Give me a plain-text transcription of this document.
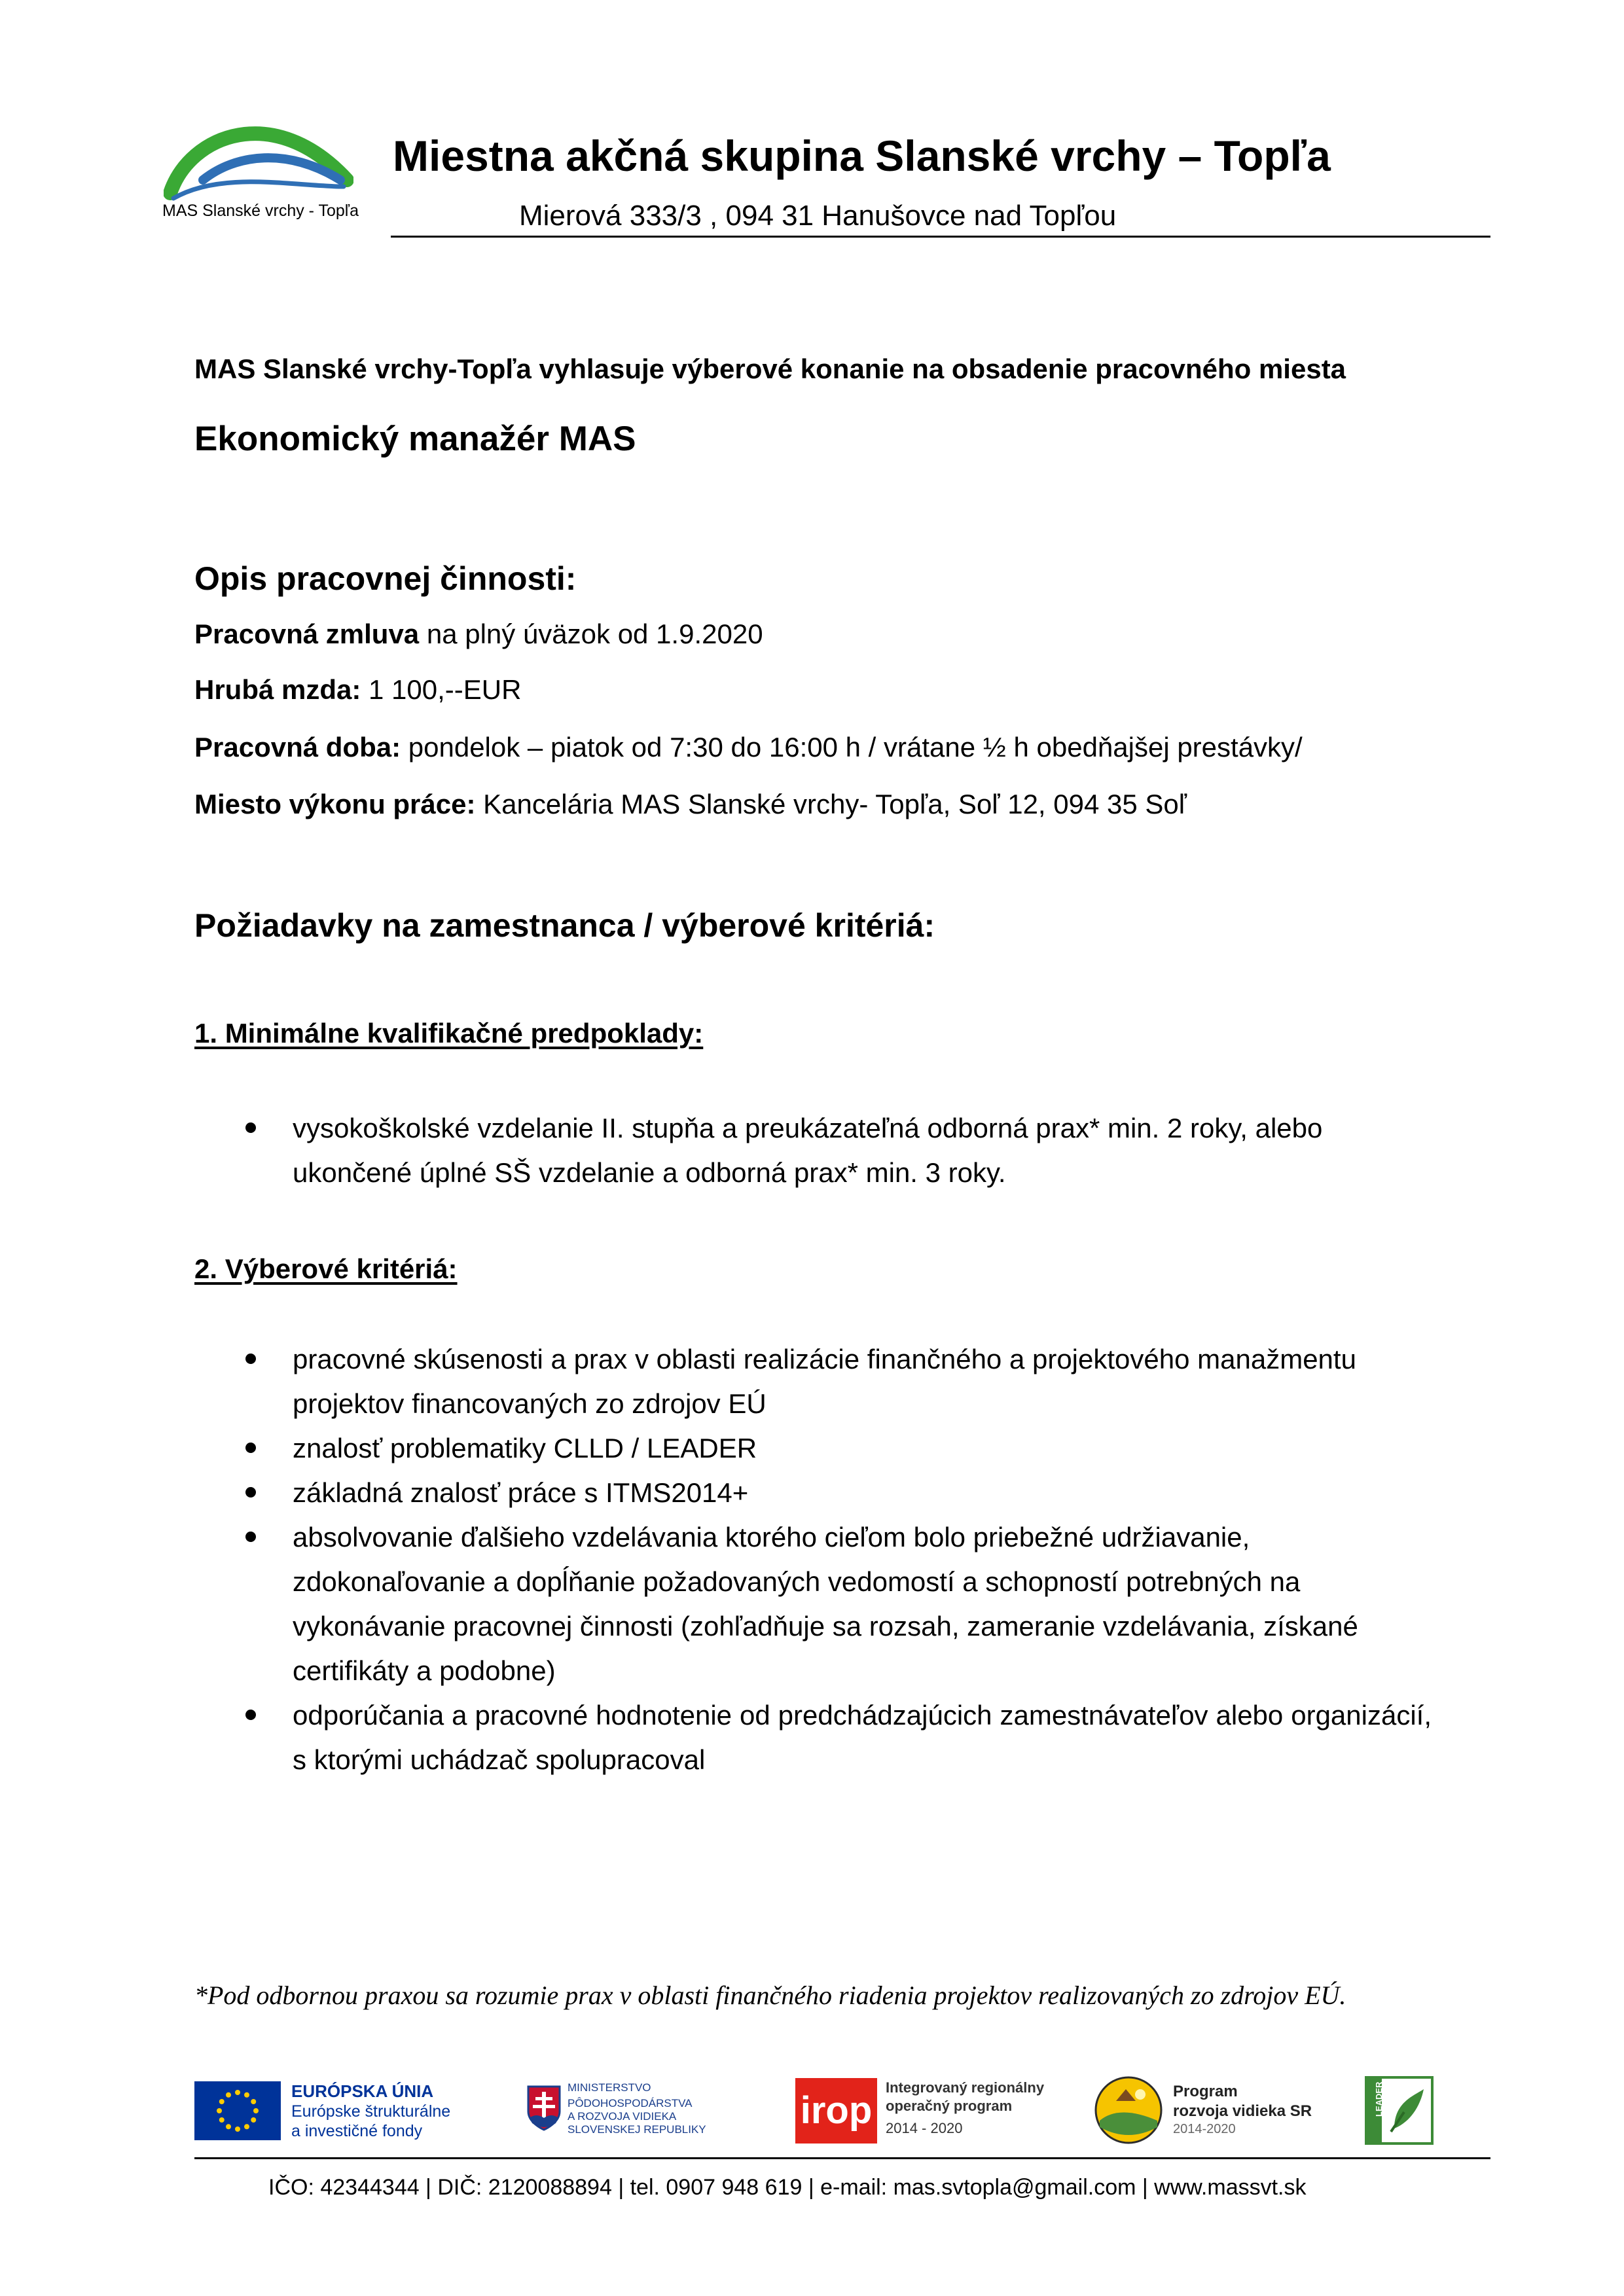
MAS Slanské vrchy - Topľa
Miestna akčná skupina Slanské vrchy – Topľa
Mierová 333/3 , 094 31 Hanušovce nad Topľou
MAS Slanské vrchy-Topľa vyhlasuje výberové konanie na obsadenie pracovného miesta
Ekonomický manažér MAS
Opis pracovnej činnosti:
Pracovná zmluva na plný úväzok od 1.9.2020
Hrubá mzda: 1 100,--EUR
Pracovná doba: pondelok – piatok od 7:30 do 16:00 h / vrátane ½ h obedňajšej prestávky/
Miesto výkonu práce: Kancelária MAS Slanské vrchy- Topľa, Soľ 12, 094 35 Soľ
Požiadavky na zamestnanca / výberové kritériá:
1. Minimálne kvalifikačné predpoklady:
vysokoškolské vzdelanie II. stupňa a preukázateľná odborná prax* min. 2 roky, alebo ukončené úplné SŠ vzdelanie a odborná prax* min. 3 roky.
2. Výberové kritériá:
pracovné skúsenosti a prax v oblasti realizácie finančného a projektového manažmentu projektov financovaných zo zdrojov EÚ
znalosť problematiky CLLD / LEADER
základná znalosť práce s ITMS2014+
absolvovanie ďalšieho vzdelávania ktorého cieľom bolo priebežné udržiavanie, zdokonaľovanie a dopĺňanie požadovaných vedomostí a schopností potrebných na vykonávanie pracovnej činnosti (zohľadňuje sa rozsah, zameranie vzdelávania, získané certifikáty a podobne)
odporúčania a pracovné hodnotenie od predchádzajúcich zamestnávateľov alebo organizácií, s ktorými uchádzač spolupracoval
*Pod odbornou praxou sa rozumie prax v oblasti finančného riadenia projektov realizovaných zo zdrojov EÚ.
EURÓPSKA ÚNIA
Európske štrukturálne
a investičné fondy
MINISTERSTVO
PÔDOHOSPODÁRSTVA
A ROZVOJA VIDIEKA
SLOVENSKEJ REPUBLIKY irop
Integrovaný regionálny
operačný program
2014 - 2020
Program
rozvoja vidieka SR
2014-2020
IČO: 42344344 | DIČ: 2120088894 | tel. 0907 948 619 | e-mail: mas.svtopla@gmail.com | www.massvt.sk
